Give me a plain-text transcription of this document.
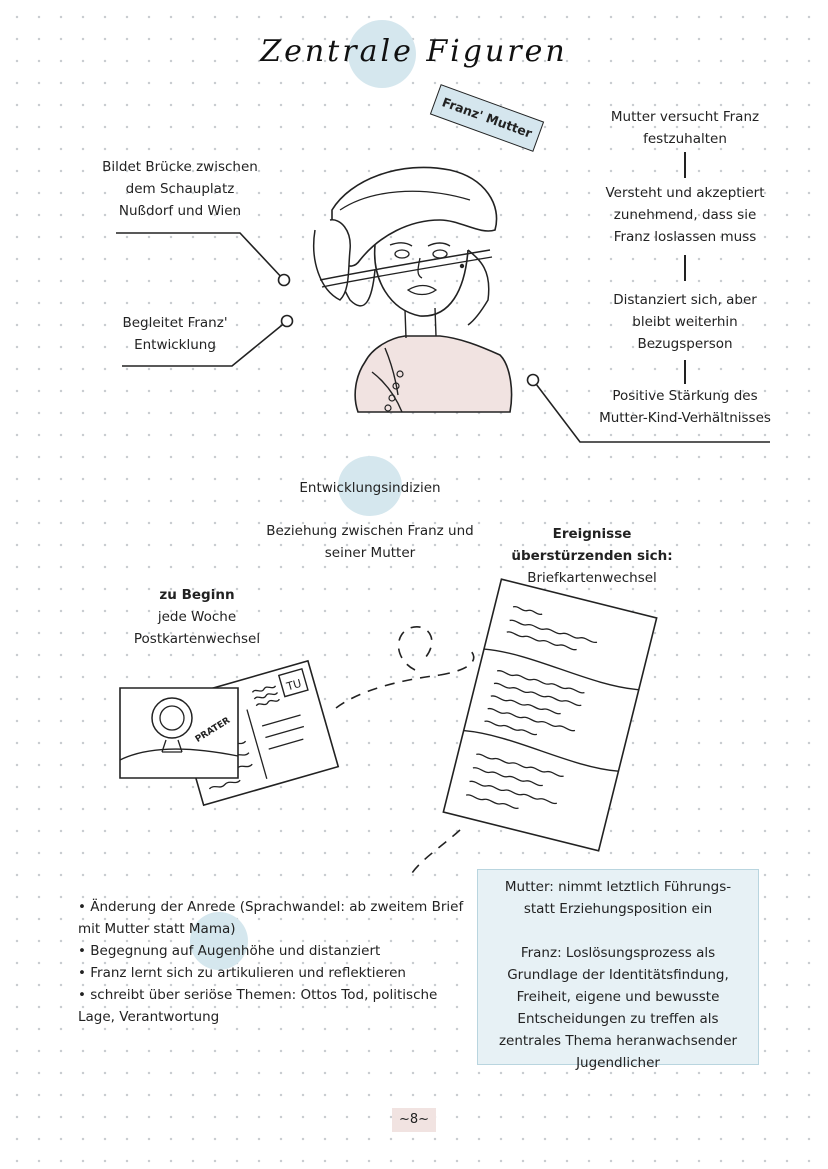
Zentrale Figuren
Franz' Mutter
Bildet Brücke zwischen
dem Schauplatz
Nußdorf und Wien
Begleitet Franz'
Entwicklung
Mutter versucht Franz
festzuhalten
Versteht und akzeptiert
zunehmend, dass sie
Franz loslassen muss
Distanziert sich, aber
bleibt weiterhin
Bezugsperson
Positive Stärkung des
Mutter-Kind-Verhältnisses
Entwicklungsindizien
Beziehung zwischen Franz und
seiner Mutter
Ereignisse
überstürzenden sich:
Briefkartenwechsel
zu Beginn
jede Woche
Postkartenwechsel
TU
PRATER
• Änderung der Anrede (Sprachwandel: ab zweitem Brief mit Mutter statt Mama)
• Begegnung auf Augenhöhe und distanziert
• Franz lernt sich zu artikulieren und reflektieren
• schreibt über seriöse Themen: Ottos Tod, politische Lage, Verantwortung

Mutter: nimmt letztlich Führungs- statt Erziehungsposition ein

Franz: Loslösungsprozess als Grundlage der Identitätsfindung, Freiheit, eigene und bewusste Entscheidungen zu treffen als zentrales Thema heranwachsender Jugendlicher

~8~
